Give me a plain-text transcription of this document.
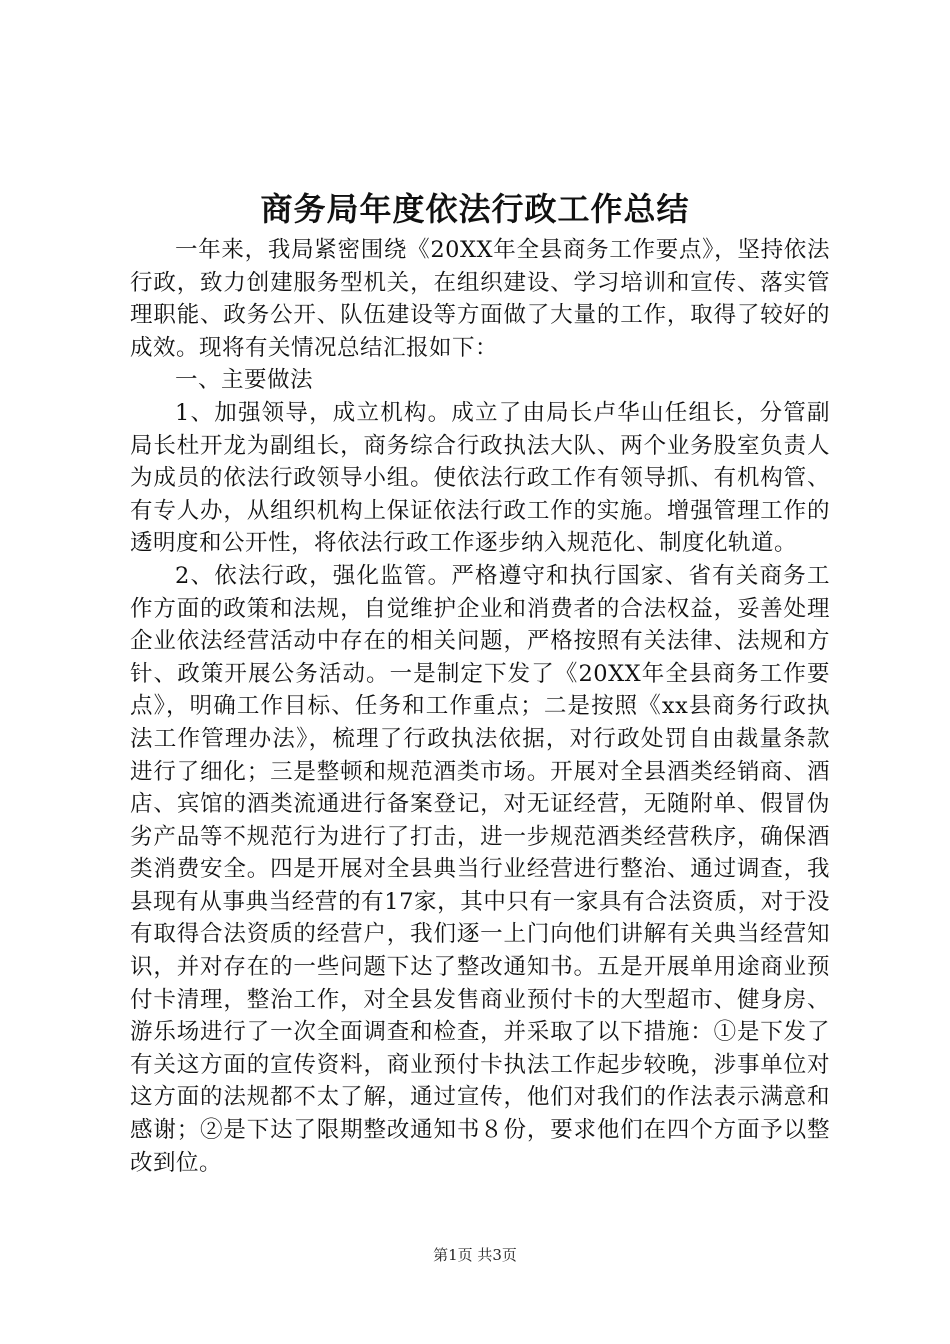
商务局年度依法行政工作总结

一年来，我局紧密围绕《20XX年全县商务工作要点》，坚持依法行政，致力创建服务型机关，在组织建设、学习培训和宣传、落实管理职能、政务公开、队伍建设等方面做了大量的工作，取得了较好的成效。现将有关情况总结汇报如下：

一、主要做法

1、加强领导，成立机构。成立了由局长卢华山任组长，分管副局长杜开龙为副组长，商务综合行政执法大队、两个业务股室负责人为成员的依法行政领导小组。使依法行政工作有领导抓、有机构管、有专人办，从组织机构上保证依法行政工作的实施。增强管理工作的透明度和公开性，将依法行政工作逐步纳入规范化、制度化轨道。

2、依法行政，强化监管。严格遵守和执行国家、省有关商务工作方面的政策和法规，自觉维护企业和消费者的合法权益，妥善处理企业依法经营活动中存在的相关问题，严格按照有关法律、法规和方针、政策开展公务活动。一是制定下发了《20XX年全县商务工作要点》，明确工作目标、任务和工作重点；二是按照《xx县商务行政执法工作管理办法》，梳理了行政执法依据，对行政处罚自由裁量条款进行了细化；三是整顿和规范酒类市场。开展对全县酒类经销商、酒店、宾馆的酒类流通进行备案登记，对无证经营，无随附单、假冒伪劣产品等不规范行为进行了打击，进一步规范酒类经营秩序，确保酒类消费安全。四是开展对全县典当行业经营进行整治、通过调查，我县现有从事典当经营的有17家，其中只有一家具有合法资质，对于没有取得合法资质的经营户，我们逐一上门向他们讲解有关典当经营知识，并对存在的一些问题下达了整改通知书。五是开展单用途商业预付卡清理，整治工作，对全县发售商业预付卡的大型超市、健身房、游乐场进行了一次全面调查和检查，并采取了以下措施：①是下发了有关这方面的宣传资料，商业预付卡执法工作起步较晚，涉事单位对这方面的法规都不太了解，通过宣传，他们对我们的作法表示满意和感谢；②是下达了限期整改通知书８份，要求他们在四个方面予以整改到位。

第1页 共3页
